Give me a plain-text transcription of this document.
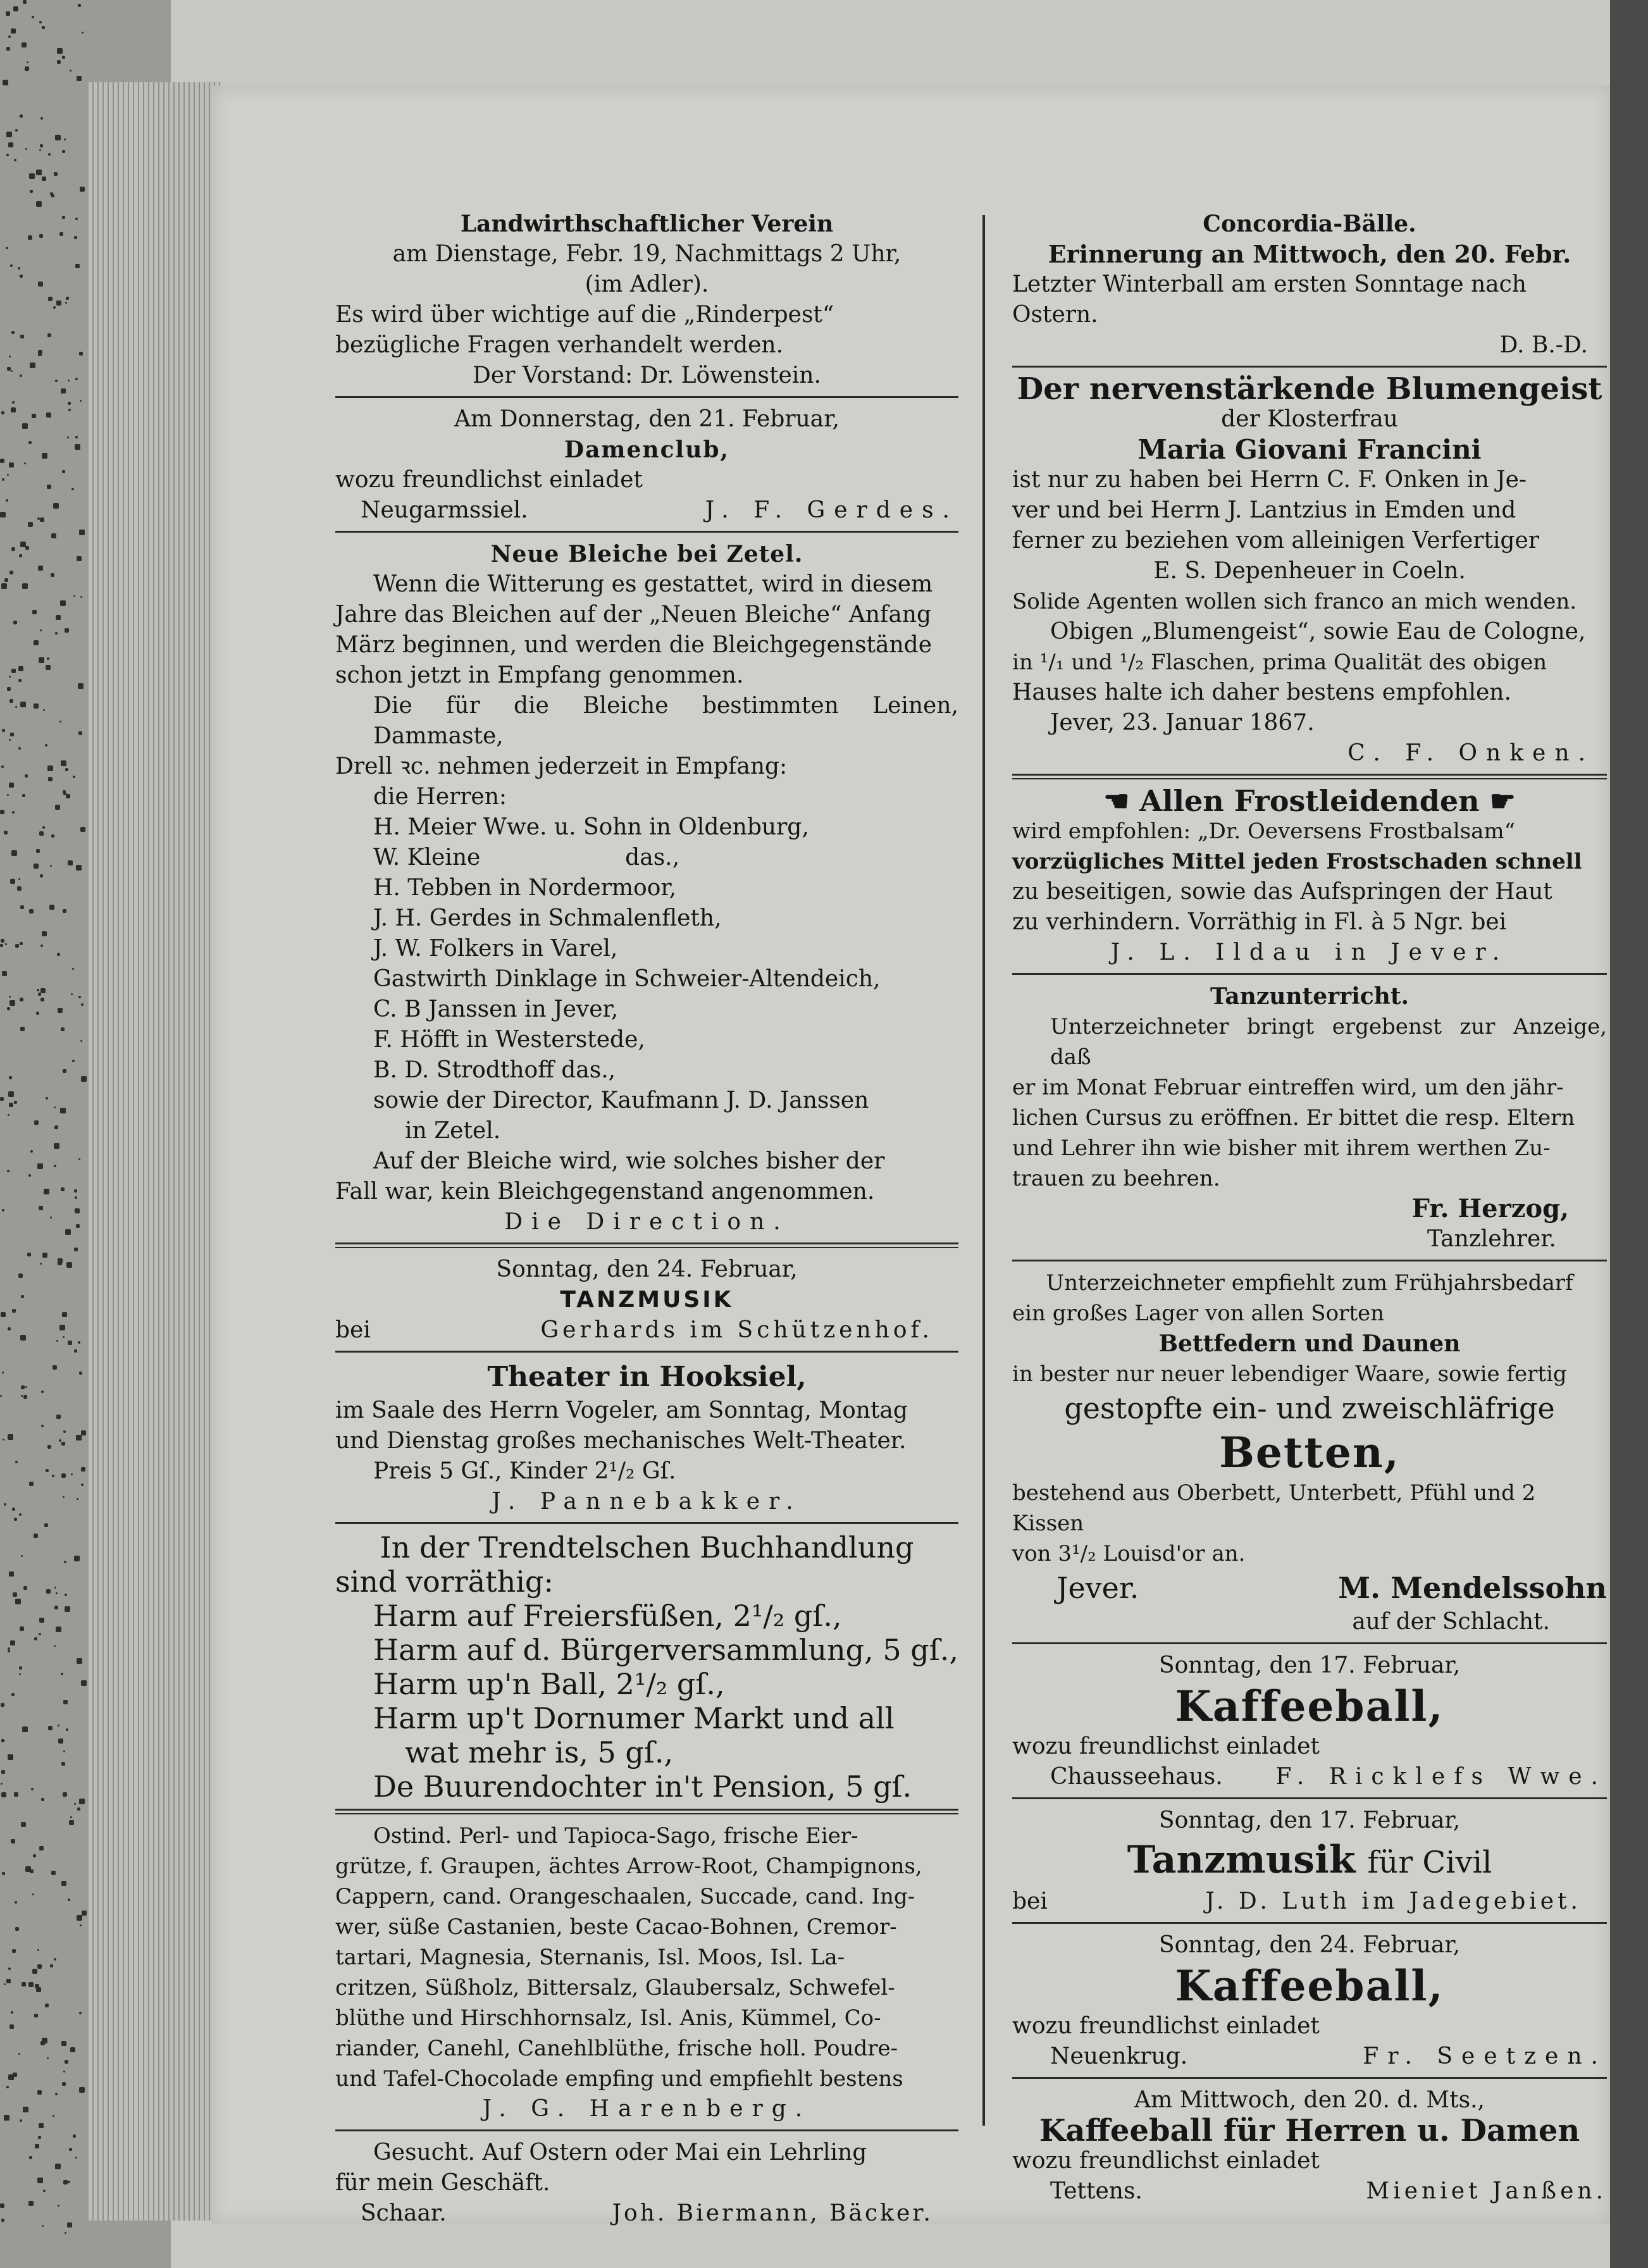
Landwirthschaftlicher Verein

am Dienstage, Febr. 19, Nachmittags 2 Uhr,

(im Adler).

Es wird über wichtige auf die „Rinderpest“

bezügliche Fragen verhandelt werden.

Der Vorstand: Dr. Löwenstein.

Am Donnerstag, den 21. Februar,

Damenclub,

wozu freundlichst einladet

Neugarmssiel.	J. F. Gerdes.

Neue Bleiche bei Zetel.

Wenn die Witterung es gestattet, wird in diesem

Jahre das Bleichen auf der „Neuen Bleiche“ Anfang

März beginnen, und werden die Bleichgegenstände

schon jetzt in Empfang genommen.

Die für die Bleiche bestimmten Leinen, Dammaste,

Drell ꝛc. nehmen jederzeit in Empfang:

die Herren:

H. Meier Wwe. u. Sohn in Oldenburg,

W. Kleine                    das.,

H. Tebben in Nordermoor,

J. H. Gerdes in Schmalenfleth,

J. W. Folkers in Varel,

Gastwirth Dinklage in Schweier-Altendeich,

C. B Janssen in Jever,

F. Höfft in Westerstede,

B. D. Strodthoff das.,

sowie der Director, Kaufmann J. D. Janssen

in Zetel.

Auf der Bleiche wird, wie solches bisher der

Fall war, kein Bleichgegenstand angenommen.

Die Direction.

Sonntag, den 24. Februar,

TANZMUSIK

bei	Gerhards im Schützenhof.

Theater in Hooksiel,

im Saale des Herrn Vogeler, am Sonntag, Montag

und Dienstag großes mechanisches Welt-Theater.

Preis 5 Gſ., Kinder 2¹/₂ Gſ.

J. Pannebakker.

In der Trendtelschen Buchhandlung

sind vorräthig:

Harm auf Freiersfüßen, 2¹/₂ gſ.,

Harm auf d. Bürgerversammlung, 5 gſ.,

Harm up'n Ball, 2¹/₂ gſ.,

Harm up't Dornumer Markt und all

wat mehr is, 5 gſ.,

De Buurendochter in't Pension, 5 gſ.

Ostind. Perl- und Tapioca-Sago, frische Eier-

grütze, f. Graupen, ächtes Arrow-Root, Champignons,

Cappern, cand. Orangeschaalen, Succade, cand. Ing-

wer, süße Castanien, beste Cacao-Bohnen, Cremor-

tartari, Magnesia, Sternanis, Isl. Moos, Isl. La-

critzen, Süßholz, Bittersalz, Glaubersalz, Schwefel-

blüthe und Hirschhornsalz, Isl. Anis, Kümmel, Co-

riander, Canehl, Canehlblüthe, frische holl. Poudre-

und Tafel-Chocolade empfing und empfiehlt bestens

J. G. Harenberg.

Gesucht. Auf Ostern oder Mai ein Lehrling

für mein Geschäft.

Schaar.	Joh. Biermann, Bäcker.

Concordia-Bälle.

Erinnerung an Mittwoch, den 20. Febr.

Letzter Winterball am ersten Sonntage nach

Ostern.

D. B.-D.

Der nervenstärkende Blumengeist

der Klosterfrau

Maria Giovani Francini

ist nur zu haben bei Herrn C. F. Onken in Je-

ver und bei Herrn J. Lantzius in Emden und

ferner zu beziehen vom alleinigen Verfertiger

E. S. Depenheuer in Coeln.

Solide Agenten wollen sich franco an mich wenden.

Obigen „Blumengeist“, sowie Eau de Cologne,

in ¹/₁ und ¹/₂ Flaschen, prima Qualität des obigen

Hauses halte ich daher bestens empfohlen.

Jever, 23. Januar 1867.

C. F. Onken.

☚ Allen Frostleidenden ☛

wird empfohlen: „Dr. Oeversens Frostbalsam“

vorzügliches Mittel jeden Frostschaden schnell

zu beseitigen, sowie das Aufspringen der Haut

zu verhindern. Vorräthig in Fl. à 5 Ngr. bei

J. L. Ildau in Jever.

Tanzunterricht.

Unterzeichneter bringt ergebenst zur Anzeige, daß

er im Monat Februar eintreffen wird, um den jähr-

lichen Cursus zu eröffnen. Er bittet die resp. Eltern

und Lehrer ihn wie bisher mit ihrem werthen Zu-

trauen zu beehren.

Fr. Herzog,

Tanzlehrer.

Unterzeichneter empfiehlt zum Frühjahrsbedarf

ein großes Lager von allen Sorten

Bettfedern und Daunen

in bester nur neuer lebendiger Waare, sowie fertig

gestopfte ein- und zweischläfrige

Betten,

bestehend aus Oberbett, Unterbett, Pfühl und 2 Kissen

von 3¹/₂ Louisd'or an.

Jever.	M. Mendelssohn

auf der Schlacht.

Sonntag, den 17. Februar,

Kaffeeball,

wozu freundlichst einladet

Chausseehaus. F. Ricklefs Wwe.

Sonntag, den 17. Februar,

Tanzmusik für Civil

bei	J. D. Luth im Jadegebiet.

Sonntag, den 24. Februar,

Kaffeeball,

wozu freundlichst einladet

Neuenkrug.	Fr. Seetzen.

Am Mittwoch, den 20. d. Mts.,

Kaffeeball für Herren u. Damen

wozu freundlichst einladet

Tettens.	Mieniet Janßen.
